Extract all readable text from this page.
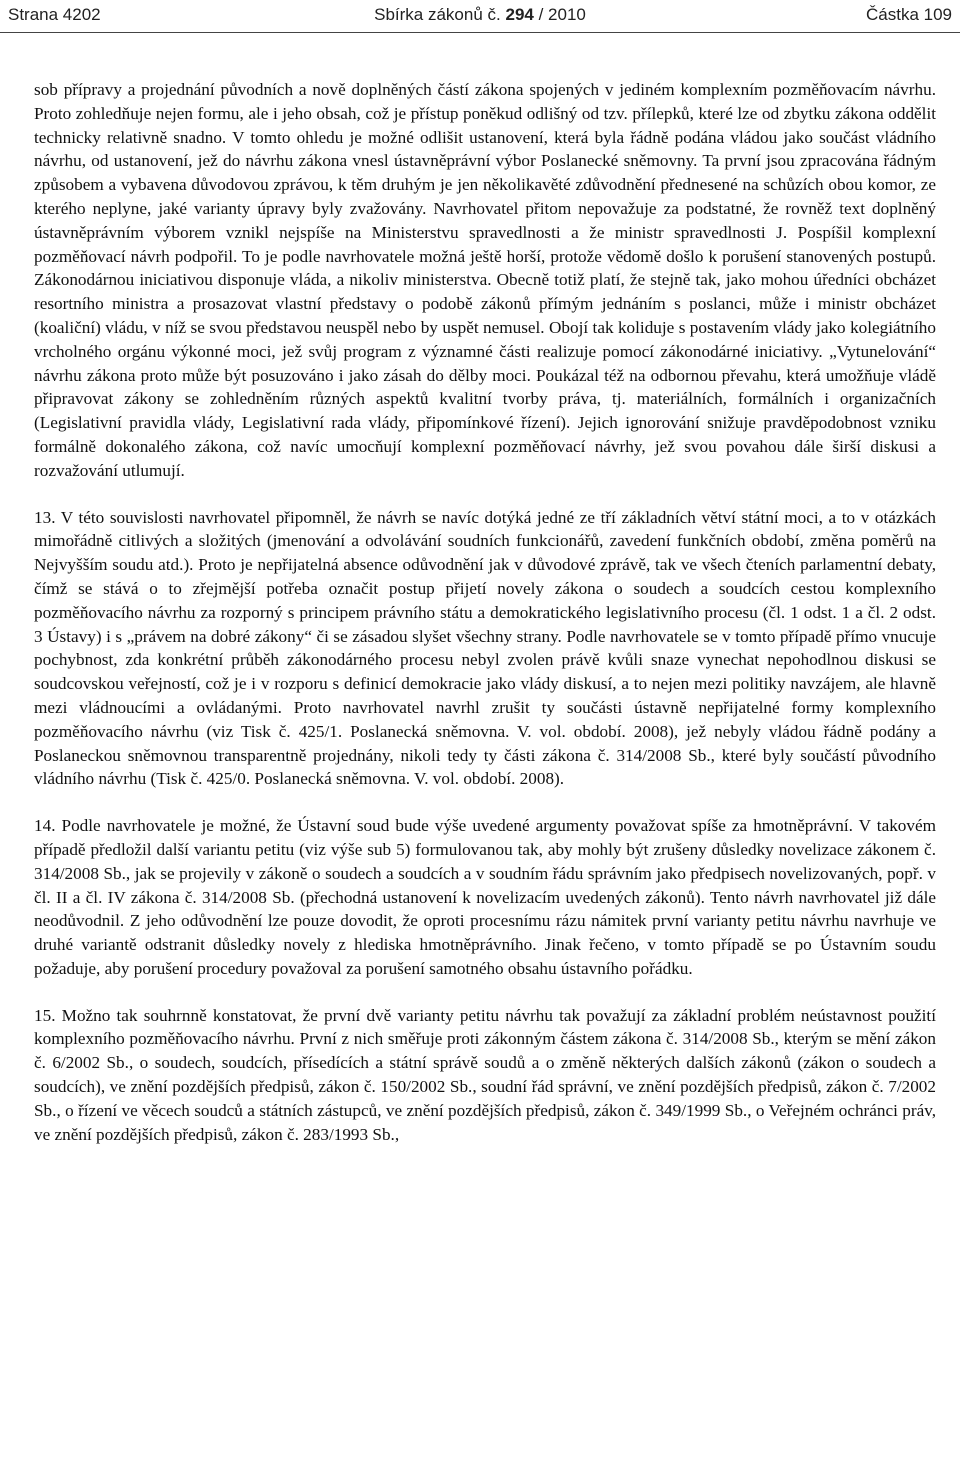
Strana 4202	Sbírka zákonů č. 294 / 2010	Částka 109

sob přípravy a projednání původních a nově doplněných částí zákona spojených v jediném komplexním pozměňovacím návrhu. Proto zohledňuje nejen formu, ale i jeho obsah, což je přístup poněkud odlišný od tzv. přílepků, které lze od zbytku zákona oddělit technicky relativně snadno. V tomto ohledu je možné odlišit ustanovení, která byla řádně podána vládou jako součást vládního návrhu, od ustanovení, jež do návrhu zákona vnesl ústavněprávní výbor Poslanecké sněmovny. Ta první jsou zpracována řádným způsobem a vybavena důvodovou zprávou, k těm druhým je jen několikavěté zdůvodnění přednesené na schůzích obou komor, ze kterého neplyne, jaké varianty úpravy byly zvažovány. Navrhovatel přitom nepovažuje za podstatné, že rovněž text doplněný ústavněprávním výborem vznikl nejspíše na Ministerstvu spravedlnosti a že ministr spravedlnosti J. Pospíšil komplexní pozměňovací návrh podpořil. To je podle navrhovatele možná ještě horší, protože vědomě došlo k porušení stanovených postupů. Zákonodárnou iniciativou disponuje vláda, a nikoliv ministerstva. Obecně totiž platí, že stejně tak, jako mohou úředníci obcházet resortního ministra a prosazovat vlastní představy o podobě zákonů přímým jednáním s poslanci, může i ministr obcházet (koaliční) vládu, v níž se svou představou neuspěl nebo by uspět nemusel. Obojí tak koliduje s postavením vlády jako kolegiátního vrcholného orgánu výkonné moci, jež svůj program z významné části realizuje pomocí zákonodárné iniciativy. „Vytunelování“ návrhu zákona proto může být posuzováno i jako zásah do dělby moci. Poukázal též na odbornou převahu, která umožňuje vládě připravovat zákony se zohledněním různých aspektů kvalitní tvorby práva, tj. materiálních, formálních i organizačních (Legislativní pravidla vlády, Legislativní rada vlády, připomínkové řízení). Jejich ignorování snižuje pravděpodobnost vzniku formálně dokonalého zákona, což navíc umocňují komplexní pozměňovací návrhy, jež svou povahou dále širší diskusi a rozvažování utlumují.

13. V této souvislosti navrhovatel připomněl, že návrh se navíc dotýká jedné ze tří základních větví státní moci, a to v otázkách mimořádně citlivých a složitých (jmenování a odvolávání soudních funkcionářů, zavedení funkčních období, změna poměrů na Nejvyšším soudu atd.). Proto je nepřijatelná absence odůvodnění jak v důvodové zprávě, tak ve všech čteních parlamentní debaty, čímž se stává o to zřejmější potřeba označit postup přijetí novely zákona o soudech a soudcích cestou komplexního pozměňovacího návrhu za rozporný s principem právního státu a demokratického legislativního procesu (čl. 1 odst. 1 a čl. 2 odst. 3 Ústavy) i s „právem na dobré zákony“ či se zásadou slyšet všechny strany. Podle navrhovatele se v tomto případě přímo vnucuje pochybnost, zda konkrétní průběh zákonodárného procesu nebyl zvolen právě kvůli snaze vynechat nepohodlnou diskusi se soudcovskou veřejností, což je i v rozporu s definicí demokracie jako vlády diskusí, a to nejen mezi politiky navzájem, ale hlavně mezi vládnoucími a ovládanými. Proto navrhovatel navrhl zrušit ty součásti ústavně nepřijatelné formy komplexního pozměňovacího návrhu (viz Tisk č. 425/1. Poslanecká sněmovna. V. vol. období. 2008), jež nebyly vládou řádně podány a Poslaneckou sněmovnou transparentně projednány, nikoli tedy ty části zákona č. 314/2008 Sb., které byly součástí původního vládního návrhu (Tisk č. 425/0. Poslanecká sněmovna. V. vol. období. 2008).

14. Podle navrhovatele je možné, že Ústavní soud bude výše uvedené argumenty považovat spíše za hmotněprávní. V takovém případě předložil další variantu petitu (viz výše sub 5) formulovanou tak, aby mohly být zrušeny důsledky novelizace zákonem č. 314/2008 Sb., jak se projevily v zákoně o soudech a soudcích a v soudním řádu správním jako předpisech novelizovaných, popř. v čl. II a čl. IV zákona č. 314/2008 Sb. (přechodná ustanovení k novelizacím uvedených zákonů). Tento návrh navrhovatel již dále neodůvodnil. Z jeho odůvodnění lze pouze dovodit, že oproti procesnímu rázu námitek první varianty petitu návrhu navrhuje ve druhé variantě odstranit důsledky novely z hlediska hmotněprávního. Jinak řečeno, v tomto případě se po Ústavním soudu požaduje, aby porušení procedury považoval za porušení samotného obsahu ústavního pořádku.

15. Možno tak souhrnně konstatovat, že první dvě varianty petitu návrhu tak považují za základní problém neústavnost použití komplexního pozměňovacího návrhu. První z nich směřuje proti zákonným částem zákona č. 314/2008 Sb., kterým se mění zákon č. 6/2002 Sb., o soudech, soudcích, přísedících a státní správě soudů a o změně některých dalších zákonů (zákon o soudech a soudcích), ve znění pozdějších předpisů, zákon č. 150/2002 Sb., soudní řád správní, ve znění pozdějších předpisů, zákon č. 7/2002 Sb., o řízení ve věcech soudců a státních zástupců, ve znění pozdějších předpisů, zákon č. 349/1999 Sb., o Veřejném ochránci práv, ve znění pozdějších předpisů, zákon č. 283/1993 Sb.,
